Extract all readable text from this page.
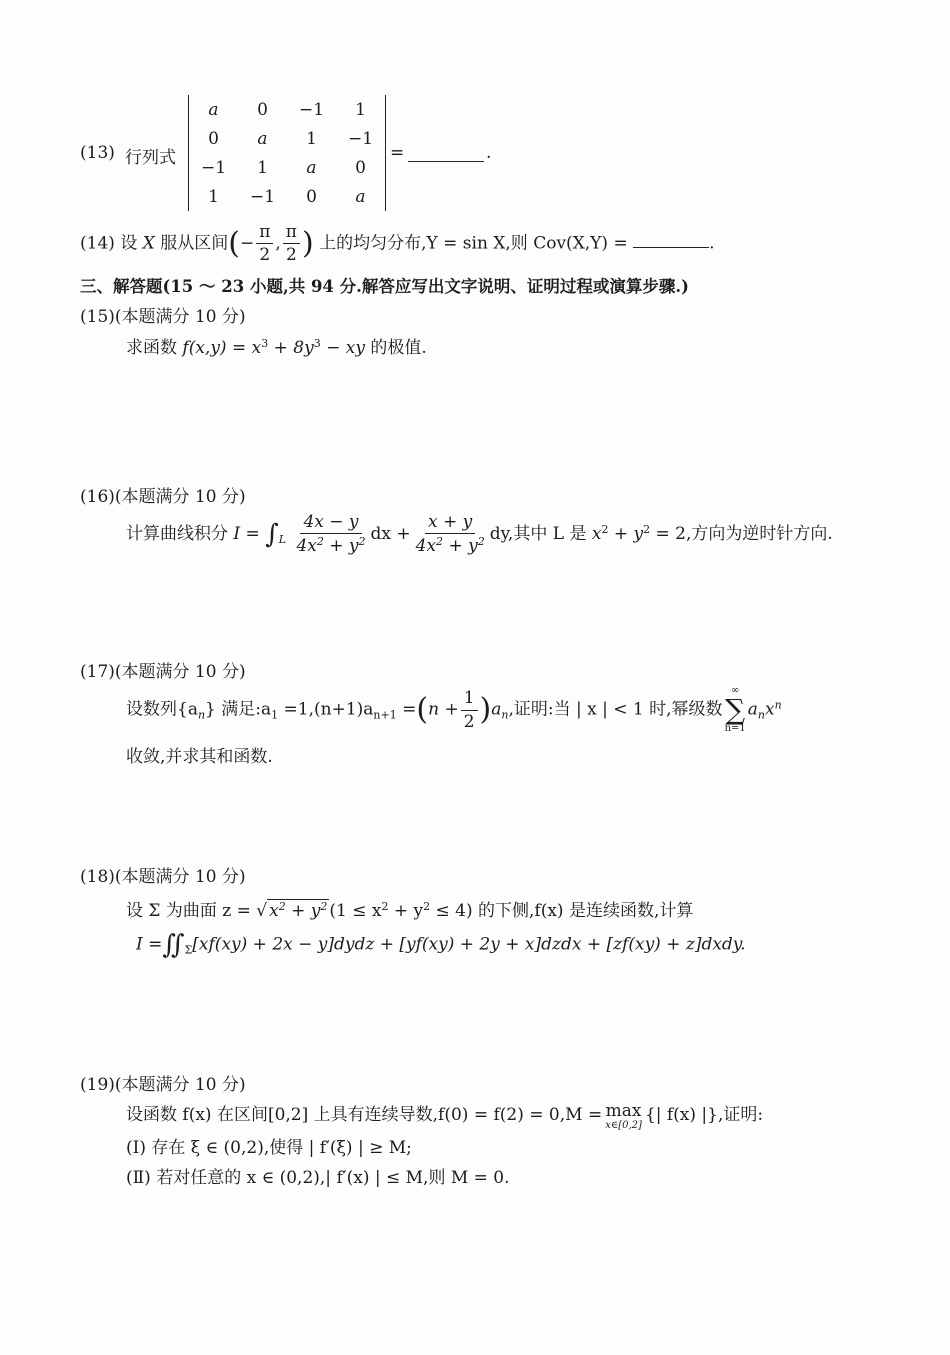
(13) 行列式
a	0	−1	1
0	a	1	−1
−1	1	a	0
1	−1	0	a
=	.
(14) 设 X 服从区间(− $\frac{\pi}{2}$ , $\frac{\pi}{2}$ ) 上的均匀分布,Y = sin X,则 Cov(X,Y) =	.
三、解答题(15 ～ 23 小题,共 94 分.解答应写出文字说明、证明过程或演算步骤.)
(15)(本题满分 10 分)
求函数 $f(x,y) = x^3 + 8y^3$ − xy 的极值.
(16)(本题满分 10 分)
计算曲线积分 $I = \int_L \frac{4x - y}{4x^2 + y^2}$ dx + $\frac{x + y}{4x^2 + y^2}$ dy,其中 L 是 $x^2 + y^2 = 2$,方向为逆时针方向.
(17)(本题满分 10 分)
设数列$\{a_n\}$ 满足$:a_1 =1,(n+1)a_{n+1} =(n + \frac{1}{2} )a_n$,证明:当 | x | < 1 时,幂级数
∞
∑
n=1
$a_nx^n$
收敛,并求其和函数.
(18)(本题满分 10 分)
设 Σ 为曲面 z = √ $x^2 + y^2$ $(1 \le x^2 + y^2 \le 4)$ 的下侧,f(x) 是连续函数,计算
$I =∬_\Sigma[xf(xy) + 2x$ − y]dydz + [yf(xy) + 2y + x]dzdx + [zf(xy) + z]dxdy.
(19)(本题满分 10 分)
设函数 f(x) 在区间[0,2] 上具有连续导数,f(0) = f(2) = 0,M = max
x∈[0,2] {| f(x) |},证明:
(Ⅰ) 存在 ξ ∈ (0,2),使得 | f′(ξ) | ≥ M;
(Ⅱ) 若对任意的 x ∈ (0,2),| f′(x) | ≤ M,则 M = 0.
